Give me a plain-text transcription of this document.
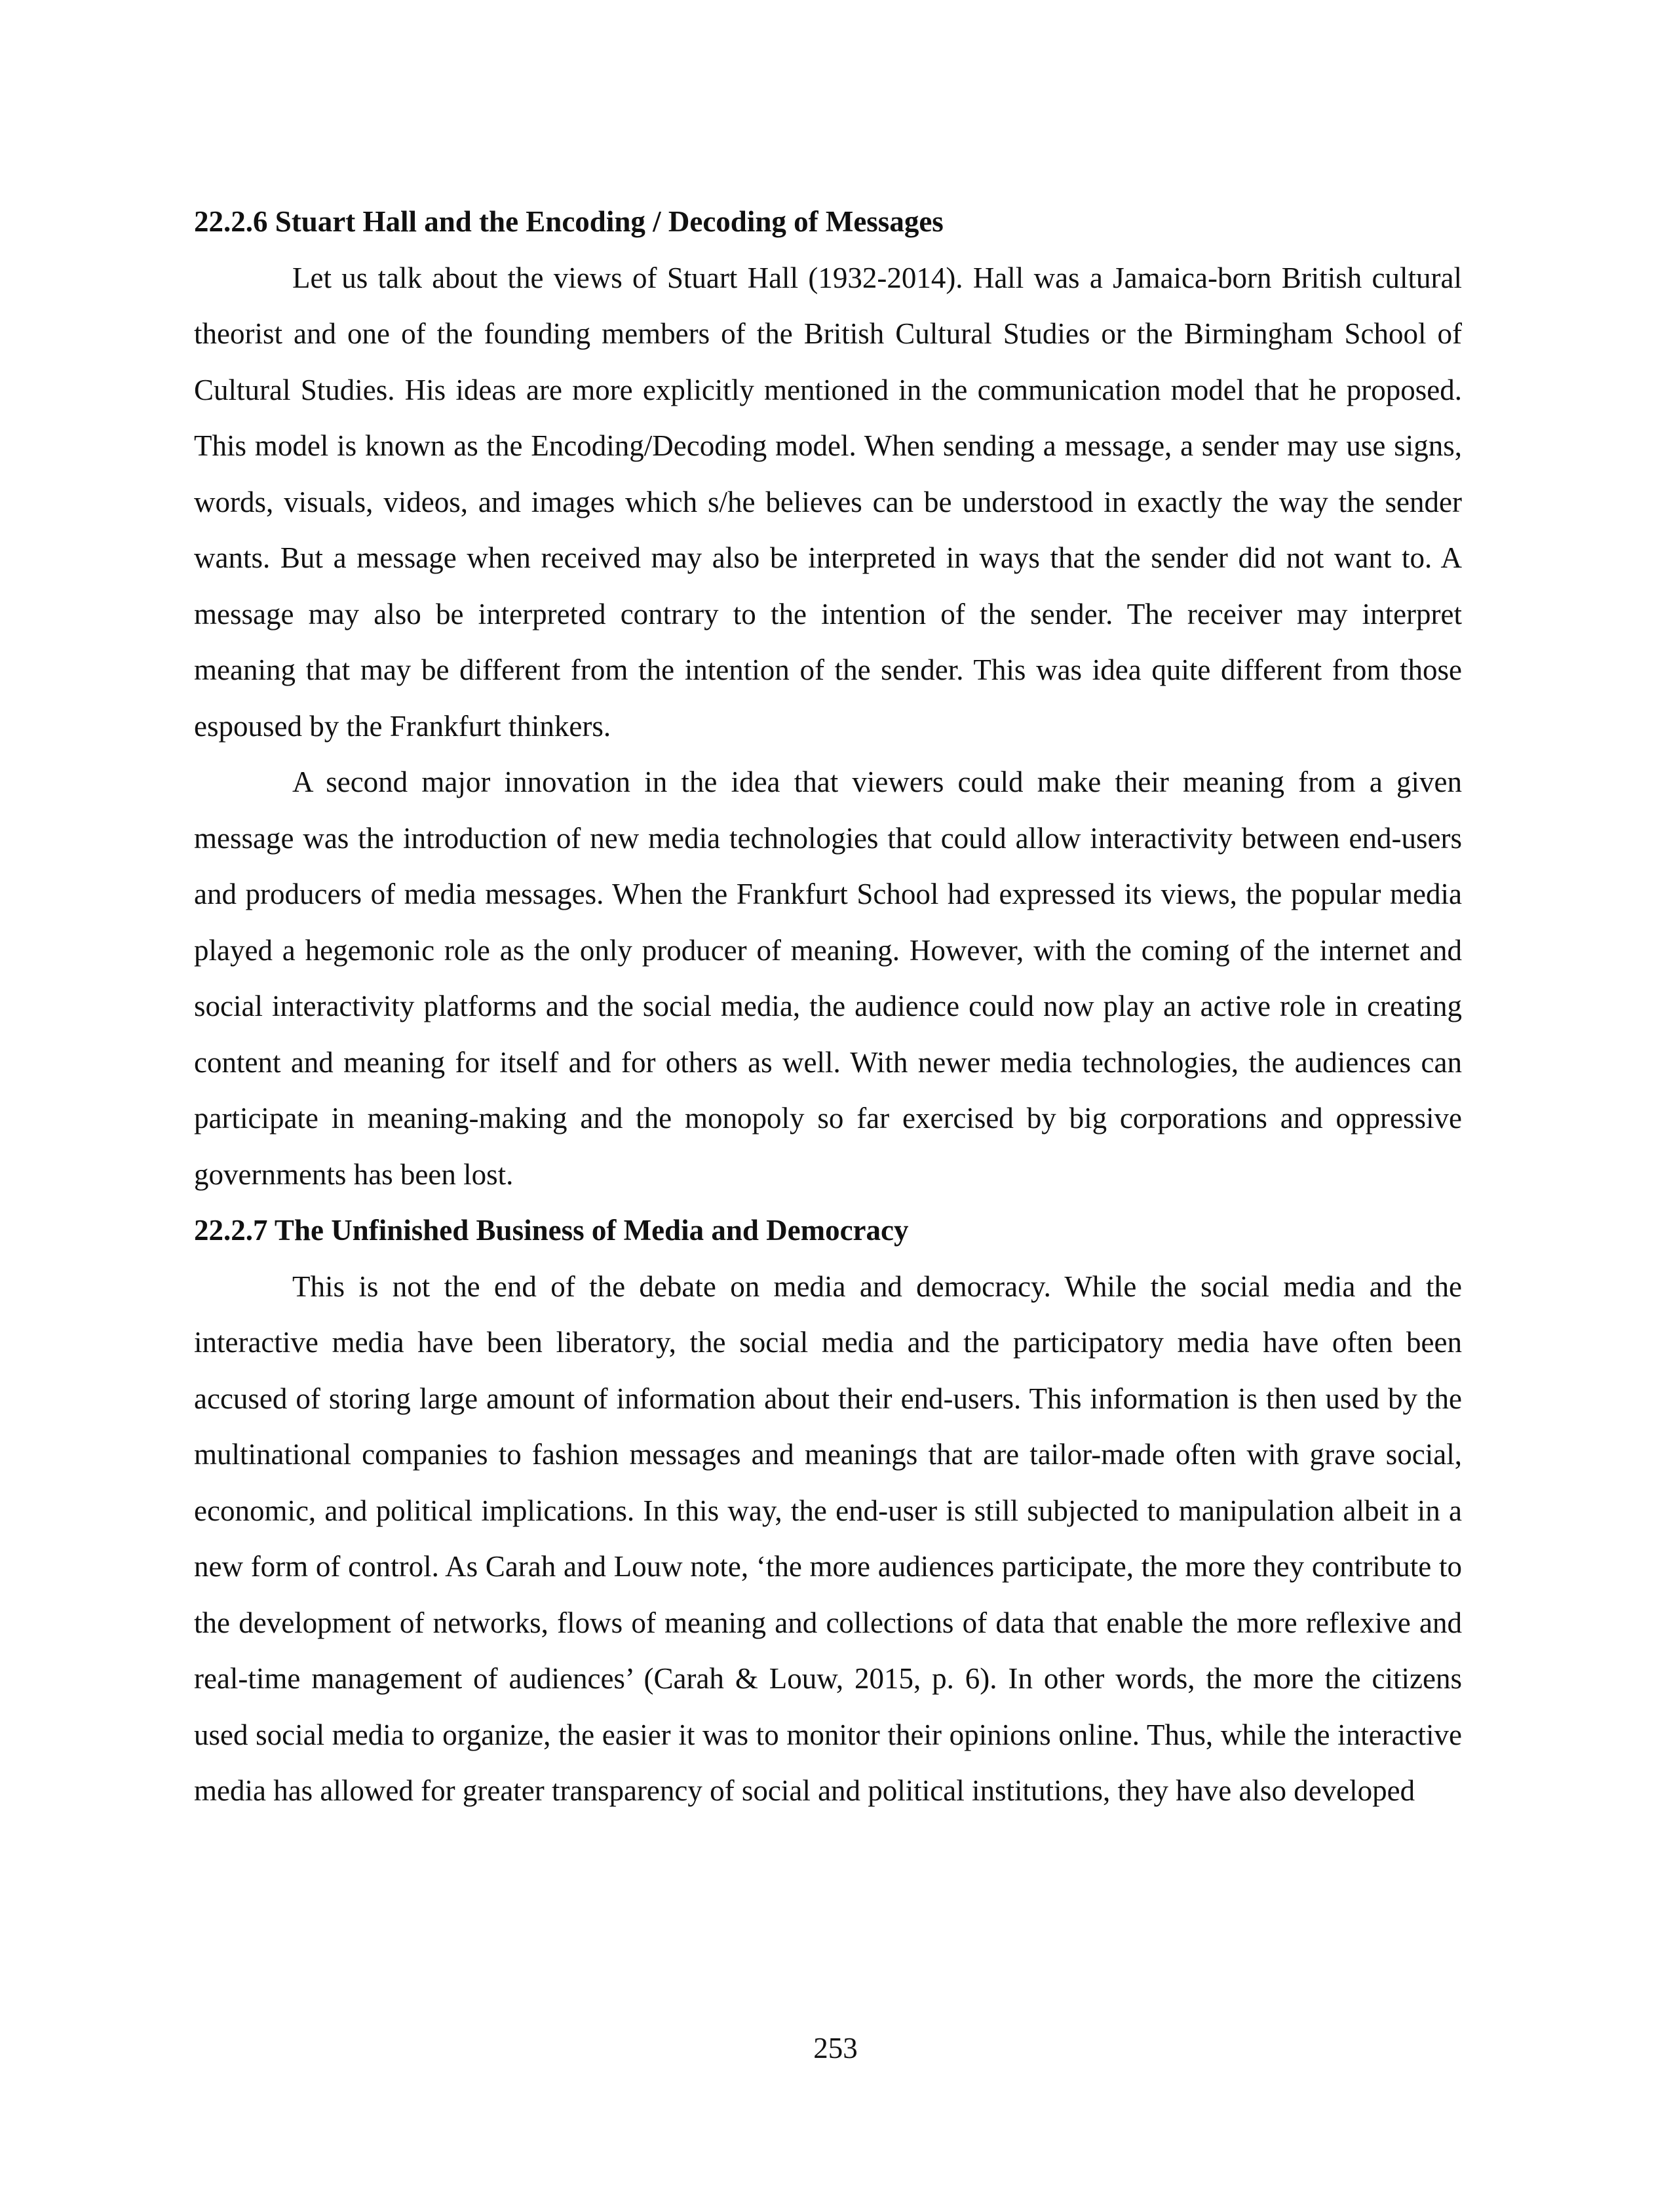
22.2.6 Stuart Hall and the Encoding / Decoding of Messages

Let us talk about the views of Stuart Hall (1932-2014). Hall was a Jamaica-born British cultural theorist and one of the founding members of the British Cultural Studies or the Birmingham School of Cultural Studies. His ideas are more explicitly mentioned in the communication model that he proposed. This model is known as the Encoding/Decoding model. When sending a message, a sender may use signs, words, visuals, videos, and images which s/he believes can be understood in exactly the way the sender wants. But a message when received may also be interpreted in ways that the sender did not want to. A message may also be interpreted contrary to the intention of the sender. The receiver may interpret meaning that may be different from the intention of the sender. This was idea quite different from those espoused by the Frankfurt thinkers.

A second major innovation in the idea that viewers could make their meaning from a given message was the introduction of new media technologies that could allow interactivity between end-users and producers of media messages. When the Frankfurt School had expressed its views, the popular media played a hegemonic role as the only producer of meaning. However, with the coming of the internet and social interactivity platforms and the social media, the audience could now play an active role in creating content and meaning for itself and for others as well. With newer media technologies, the audiences can participate in meaning-making and the monopoly so far exercised by big corporations and oppressive governments has been lost.

22.2.7 The Unfinished Business of Media and Democracy

This is not the end of the debate on media and democracy. While the social media and the interactive media have been liberatory, the social media and the participatory media have often been accused of storing large amount of information about their end-users. This information is then used by the multinational companies to fashion messages and meanings that are tailor-made often with grave social, economic, and political implications. In this way, the end-user is still subjected to manipulation albeit in a new form of control. As Carah and Louw note, ‘the more audiences participate, the more they contribute to the development of networks, flows of meaning and collections of data that enable the more reflexive and real-time management of audiences’ (Carah & Louw, 2015, p. 6). In other words, the more the citizens used social media to organize, the easier it was to monitor their opinions online. Thus, while the interactive media has allowed for greater transparency of social and political institutions, they have also developed

253
